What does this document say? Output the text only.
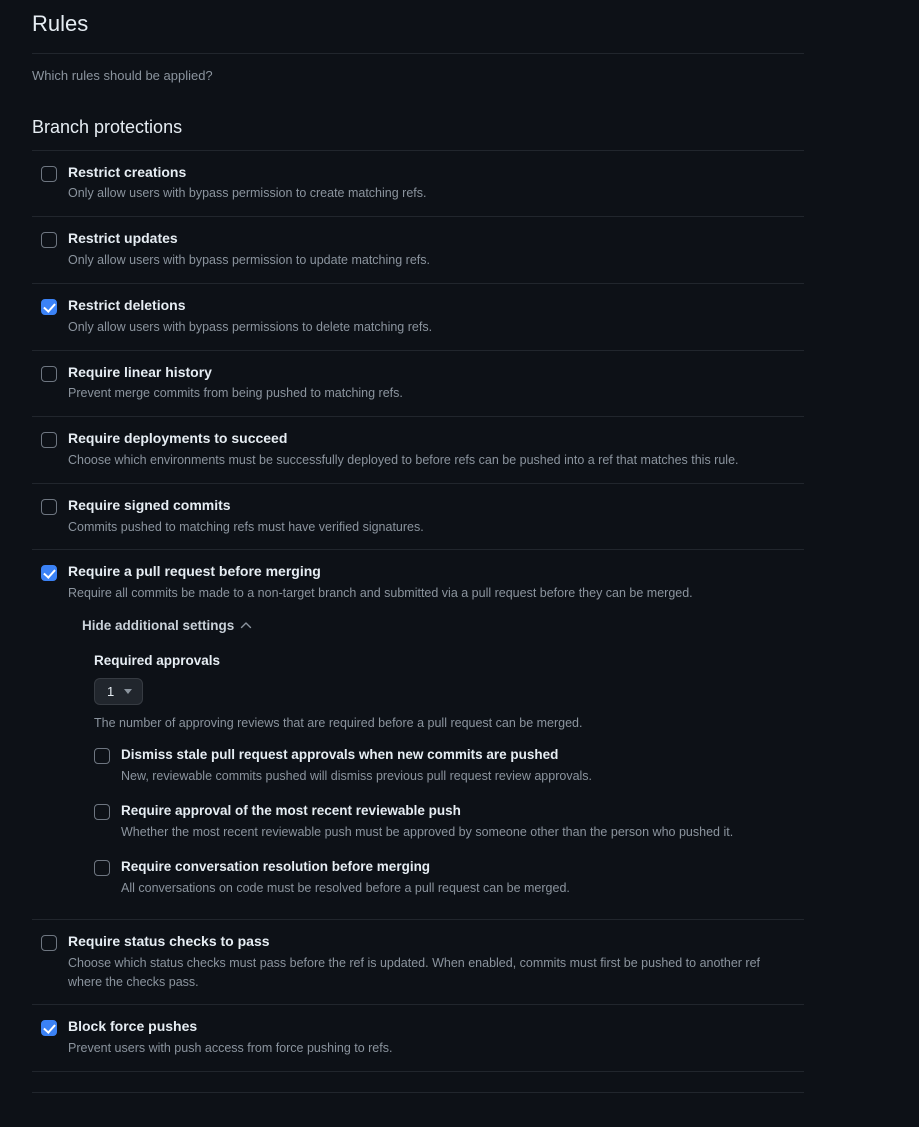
Rules

Which rules should be applied?

Branch protections
Restrict creations
Only allow users with bypass permission to create matching refs.
Restrict updates
Only allow users with bypass permission to update matching refs.
Restrict deletions
Only allow users with bypass permissions to delete matching refs.
Require linear history
Prevent merge commits from being pushed to matching refs.
Require deployments to succeed
Choose which environments must be successfully deployed to before refs can be pushed into a ref that matches this rule.
Require signed commits
Commits pushed to matching refs must have verified signatures.
Require a pull request before merging
Require all commits be made to a non-target branch and submitted via a pull request before they can be merged.
Hide additional settings
Required approvals
1
The number of approving reviews that are required before a pull request can be merged.
Dismiss stale pull request approvals when new commits are pushed
New, reviewable commits pushed will dismiss previous pull request review approvals.
Require approval of the most recent reviewable push
Whether the most recent reviewable push must be approved by someone other than the person who pushed it.
Require conversation resolution before merging
All conversations on code must be resolved before a pull request can be merged.
Require status checks to pass
Choose which status checks must pass before the ref is updated. When enabled, commits must first be pushed to another ref where the checks pass.
Block force pushes
Prevent users with push access from force pushing to refs.
